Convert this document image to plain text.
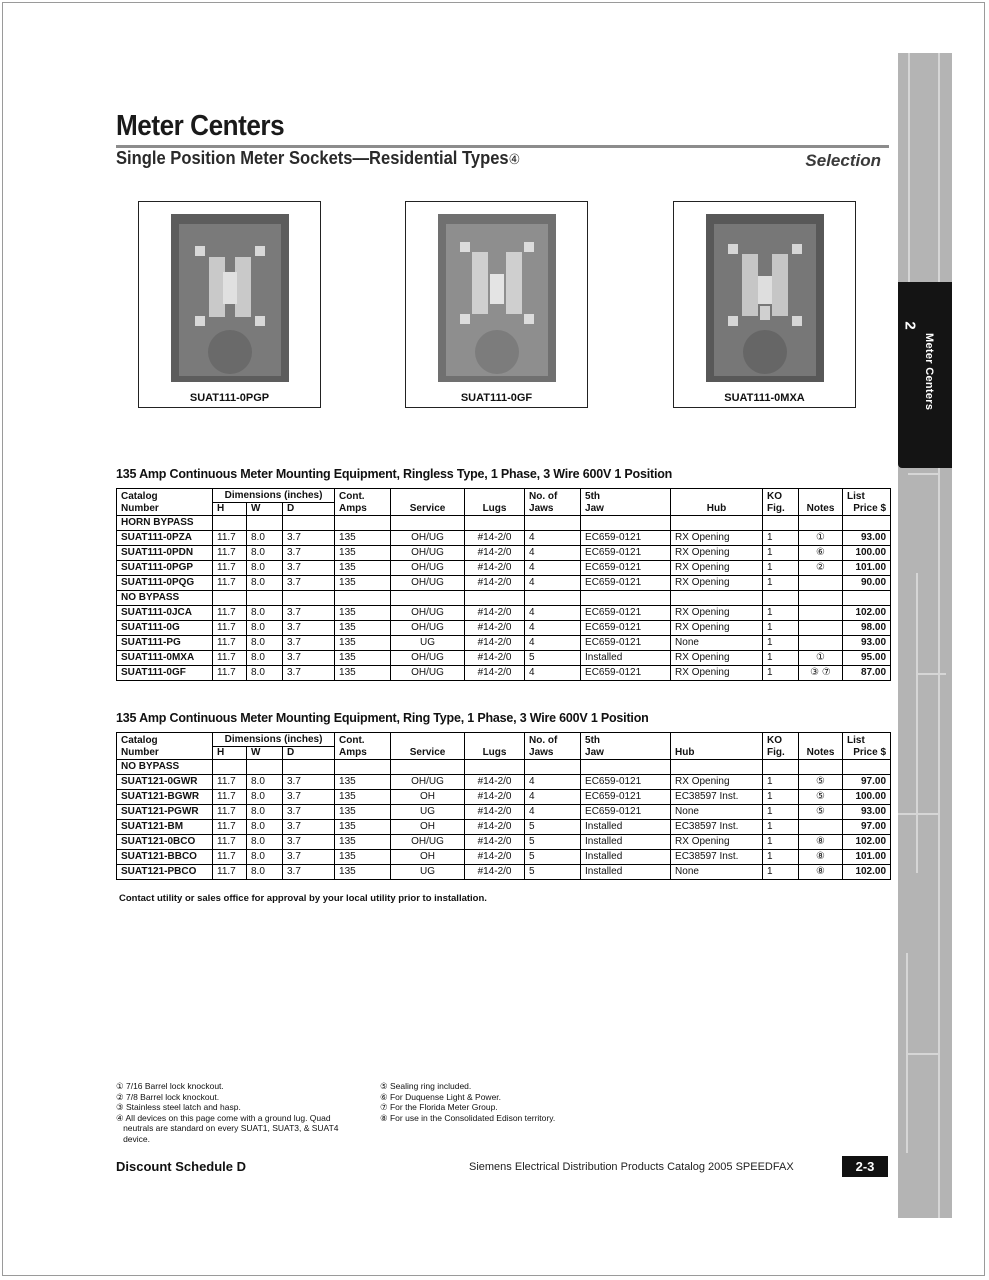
Meter Centers
Single Position Meter Sockets—Residential Types④	Selection
2
Meter Centers
SUAT111-0PGP	SUAT111-0GF	SUAT111-0MXA
135 Amp Continuous Meter Mounting Equipment, Ringless Type, 1 Phase, 3 Wire 600V 1 Position
Catalog	Dimensions (inches)			Cont.			No. of	5th		KO		List
Number	H	W	D	Amps	Service	Lugs	Jaws	Jaw	Hub	Fig.	Notes	Price $
HORN BYPASS												
SUAT111-0PZA	11.7	8.0	3.7	135	OH/UG	#14-2/0	4	EC659-0121	RX Opening	1	①	93.00
SUAT111-0PDN	11.7	8.0	3.7	135	OH/UG	#14-2/0	4	EC659-0121	RX Opening	1	⑥	100.00
SUAT111-0PGP	11.7	8.0	3.7	135	OH/UG	#14-2/0	4	EC659-0121	RX Opening	1	②	101.00
SUAT111-0PQG	11.7	8.0	3.7	135	OH/UG	#14-2/0	4	EC659-0121	RX Opening	1		90.00
NO BYPASS												
SUAT111-0JCA	11.7	8.0	3.7	135	OH/UG	#14-2/0	4	EC659-0121	RX Opening	1		102.00
SUAT111-0G	11.7	8.0	3.7	135	OH/UG	#14-2/0	4	EC659-0121	RX Opening	1		98.00
SUAT111-PG	11.7	8.0	3.7	135	UG	#14-2/0	4	EC659-0121	None	1		93.00
SUAT111-0MXA	11.7	8.0	3.7	135	OH/UG	#14-2/0	5	Installed	RX Opening	1	①	95.00
SUAT111-0GF	11.7	8.0	3.7	135	OH/UG	#14-2/0	4	EC659-0121	RX Opening	1	③ ⑦	87.00
135 Amp Continuous Meter Mounting Equipment, Ring Type, 1 Phase, 3 Wire 600V 1 Position
Catalog	Dimensions (inches)			Cont.			No. of	5th		KO		List
Number	H	W	D	Amps	Service	Lugs	Jaws	Jaw	Hub	Fig.	Notes	Price $
NO BYPASS												
SUAT121-0GWR	11.7	8.0	3.7	135	OH/UG	#14-2/0	4	EC659-0121	RX Opening	1	⑤	97.00
SUAT121-BGWR	11.7	8.0	3.7	135	OH	#14-2/0	4	EC659-0121	EC38597 Inst.	1	⑤	100.00
SUAT121-PGWR	11.7	8.0	3.7	135	UG	#14-2/0	4	EC659-0121	None	1	⑤	93.00
SUAT121-BM	11.7	8.0	3.7	135	OH	#14-2/0	5	Installed	EC38597 Inst.	1		97.00
SUAT121-0BCO	11.7	8.0	3.7	135	OH/UG	#14-2/0	5	Installed	RX Opening	1	⑧	102.00
SUAT121-BBCO	11.7	8.0	3.7	135	OH	#14-2/0	5	Installed	EC38597 Inst.	1	⑧	101.00
SUAT121-PBCO	11.7	8.0	3.7	135	UG	#14-2/0	5	Installed	None	1	⑧	102.00
Contact utility or sales office for approval by your local utility prior to installation.
① 7/16 Barrel lock knockout.
② 7/8 Barrel lock knockout.
③ Stainless steel latch and hasp.
④ All devices on this page come with a ground lug. Quad
neutrals are standard on every SUAT1, SUAT3, & SUAT4
device.
⑤ Sealing ring included.
⑥ For Duquense Light & Power.
⑦ For the Florida Meter Group.
⑧ For use in the Consolidated Edison territory.
Discount Schedule D	Siemens Electrical Distribution Products Catalog 2005 SPEEDFAX	2-3
